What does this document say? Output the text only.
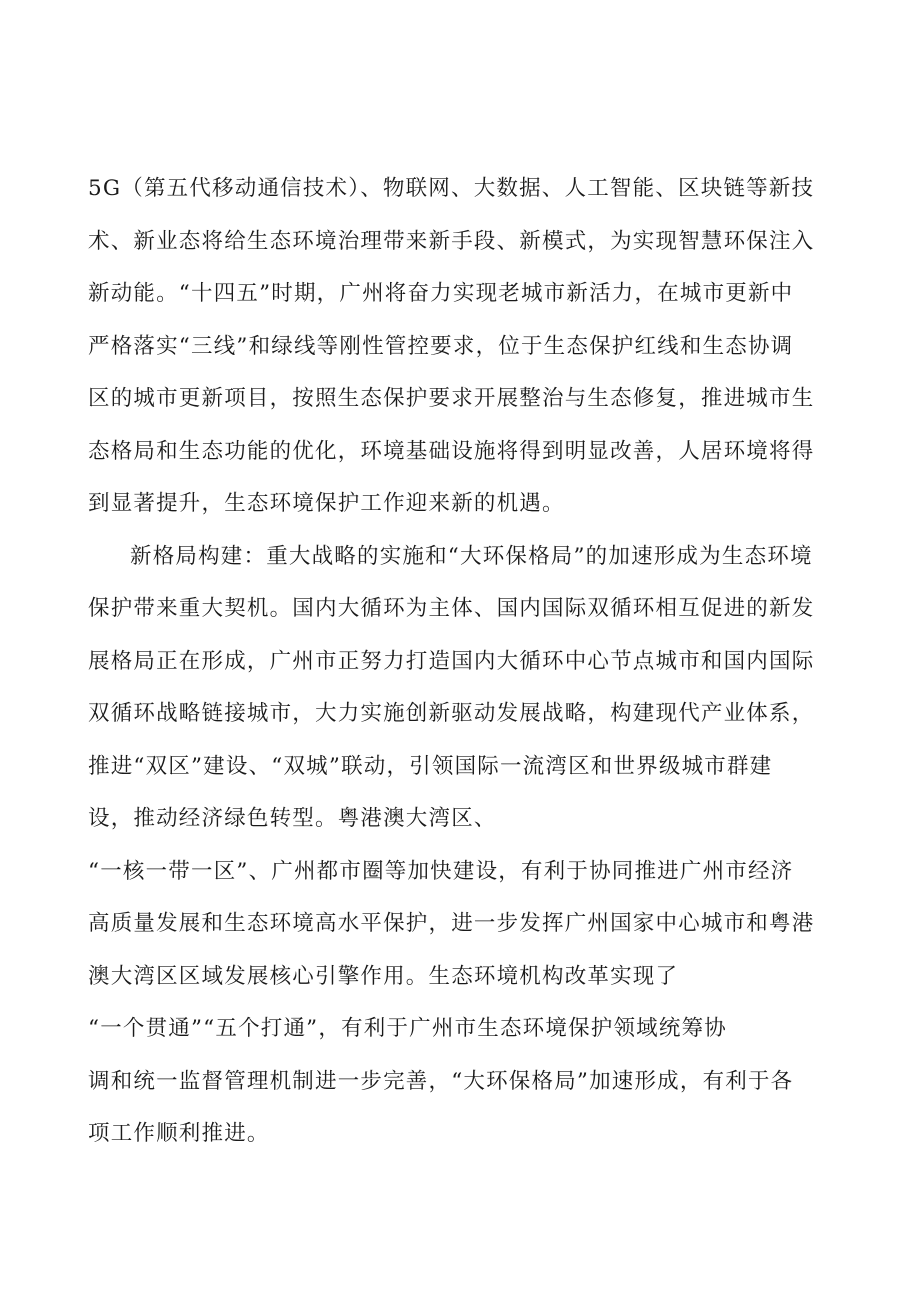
5G（第五代移动通信技术）、物联网、大数据、人工智能、区块链等新技
术、新业态将给生态环境治理带来新手段、新模式，为实现智慧环保注入
新动能。“十四五”时期，广州将奋力实现老城市新活力，在城市更新中
严格落实“三线”和绿线等刚性管控要求，位于生态保护红线和生态协调
区的城市更新项目，按照生态保护要求开展整治与生态修复，推进城市生
态格局和生态功能的优化，环境基础设施将得到明显改善，人居环境将得
到显著提升，生态环境保护工作迎来新的机遇。
新格局构建：重大战略的实施和“大环保格局”的加速形成为生态环境
保护带来重大契机。国内大循环为主体、国内国际双循环相互促进的新发
展格局正在形成，广州市正努力打造国内大循环中心节点城市和国内国际
双循环战略链接城市，大力实施创新驱动发展战略，构建现代产业体系，
推进“双区”建设、“双城”联动，引领国际一流湾区和世界级城市群建
设，推动经济绿色转型。粤港澳大湾区、
“一核一带一区”、广州都市圈等加快建设，有利于协同推进广州市经济
高质量发展和生态环境高水平保护，进一步发挥广州国家中心城市和粤港
澳大湾区区域发展核心引擎作用。生态环境机构改革实现了
“一个贯通”“五个打通”，有利于广州市生态环境保护领域统筹协
调和统一监督管理机制进一步完善，“大环保格局”加速形成，有利于各
项工作顺利推进。
